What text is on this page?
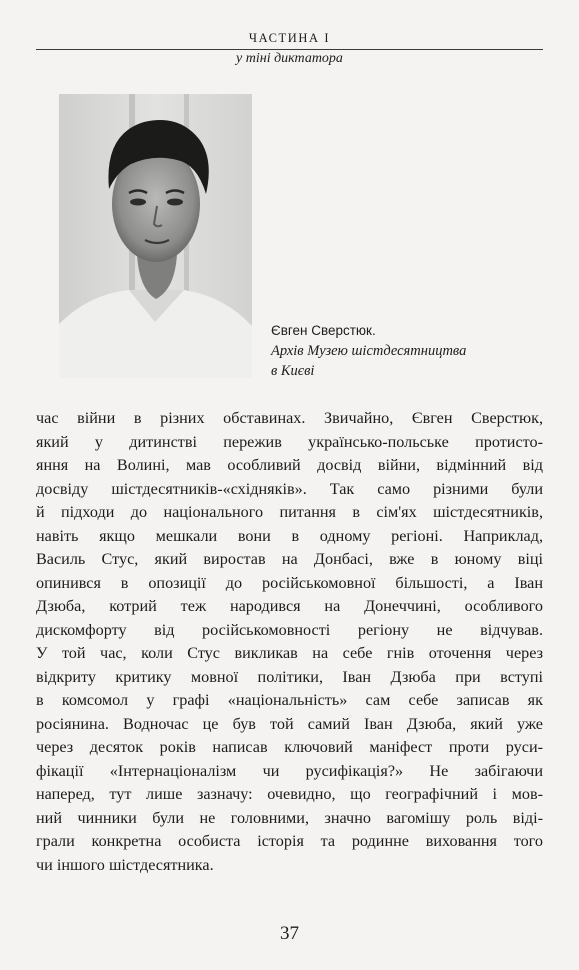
ЧАСТИНА I
у тіні диктатора
Євген Сверстюк.
Архів Музею шістдесятництва
в Києві
час війни в різних обставинах. Звичайно, Євген Сверстюк,
який у дитинстві пережив українсько-польське протисто-
яння на Волині, мав особливий досвід війни, відмінний від
досвіду шістдесятників-«східняків». Так само різними були
й підходи до національного питання в сім'ях шістдесятників,
навіть якщо мешкали вони в одному регіоні. Наприклад,
Василь Стус, який виростав на Донбасі, вже в юному віці
опинився в опозиції до російськомовної більшості, а Іван
Дзюба, котрий теж народився на Донеччині, особливого
дискомфорту від російськомовності регіону не відчував.
У той час, коли Стус викликав на себе гнів оточення через
відкриту критику мовної політики, Іван Дзюба при вступі
в комсомол у графі «національність» сам себе записав як
росіянина. Водночас це був той самий Іван Дзюба, який уже
через десяток років написав ключовий маніфест проти руси-
фікації «Інтернаціоналізм чи русифікація?» Не забігаючи
наперед, тут лише зазначу: очевидно, що географічний і мов-
ний чинники були не головними, значно вагомішу роль віді-
грали конкретна особиста історія та родинне виховання того
чи іншого шістдесятника.
37
